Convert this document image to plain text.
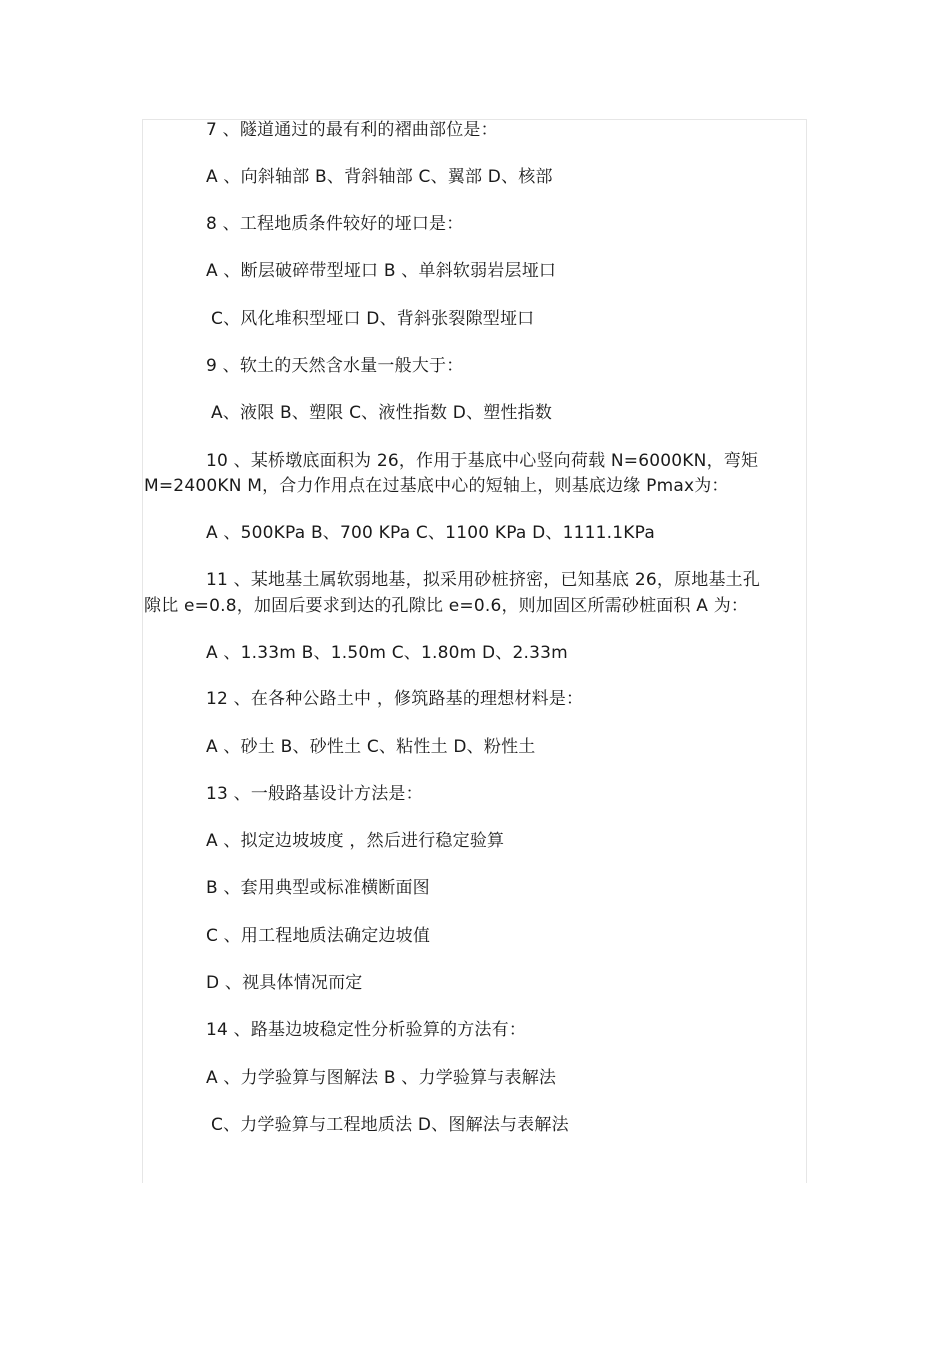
7 、隧道通过的最有利的褶曲部位是：
A 、向斜轴部 B、背斜轴部 C、翼部 D、核部
8 、工程地质条件较好的垭口是：
A 、断层破碎带型垭口 B 、单斜软弱岩层垭口
C、风化堆积型垭口 D、背斜张裂隙型垭口
9 、软土的天然含水量一般大于：
A、液限 B、塑限 C、液性指数 D、塑性指数
10 、某桥墩底面积为 26，作用于基底中心竖向荷载 N=6000KN，弯矩
M=2400KN M，合力作用点在过基底中心的短轴上，则基底边缘 Pmax为：
A 、500KPa B、700 KPa C、1100 KPa D、1111.1KPa
11 、某地基土属软弱地基，拟采用砂桩挤密，已知基底 26，原地基土孔
隙比 e=0.8，加固后要求到达的孔隙比 e=0.6，则加固区所需砂桩面积 A 为：
A 、1.33m B、1.50m C、1.80m D、2.33m
12 、在各种公路土中 ，修筑路基的理想材料是：
A 、砂土 B、砂性土 C、粘性土 D、粉性土
13 、一般路基设计方法是：
A 、拟定边坡坡度 ，然后进行稳定验算
B 、套用典型或标准横断面图
C 、用工程地质法确定边坡值
D 、视具体情况而定
14 、路基边坡稳定性分析验算的方法有：
A 、力学验算与图解法 B 、力学验算与表解法
C、力学验算与工程地质法 D、图解法与表解法
